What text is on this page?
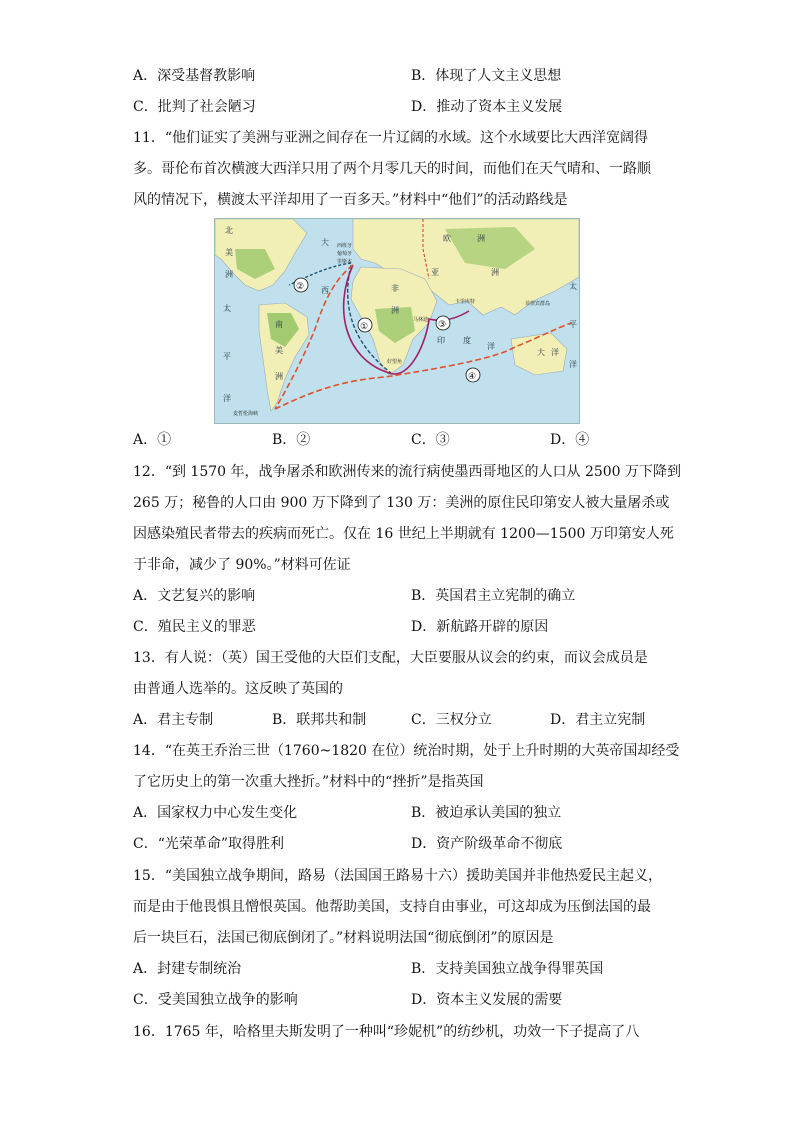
A．深受基督教影响	B．体现了人文主义思想
C．批判了社会陋习	D．推动了资本主义发展
11．“他们证实了美洲与亚洲之间存在一片辽阔的水域。这个水域要比大西洋宽阔得
多。哥伦布首次横渡大西洋只用了两个月零几天的时间，而他们在天气晴和、一路顺
风的情况下，横渡太平洋却用了一百多天。”材料中“他们”的活动路线是
北
美
洲
大
西
欧	洲
亚	洲
非
洲
南
美
洲
太
平
洋
太
平
洋
印 度
洋
大 洋
西班牙
葡萄牙
里斯本
卡里库特
马林迪
菲律宾群岛
好望角
麦哲伦海峡
①
②
③
④
A．①	B．②	C．③	D．④
12．“到 1570 年，战争屠杀和欧洲传来的流行病使墨西哥地区的人口从 2500 万下降到
265 万；秘鲁的人口由 900 万下降到了 130 万：美洲的原住民印第安人被大量屠杀或
因感染殖民者带去的疾病而死亡。仅在 16 世纪上半期就有 1200—1500 万印第安人死
于非命，减少了 90%。”材料可佐证
A．文艺复兴的影响	B．英国君主立宪制的确立
C．殖民主义的罪恶	D．新航路开辟的原因
13．有人说：（英）国王受他的大臣们支配，大臣要服从议会的约束，而议会成员是
由普通人选举的。这反映了英国的
A．君主专制	B．联邦共和制	C．三权分立	D．君主立宪制
14．“在英王乔治三世（1760~1820 在位）统治时期，处于上升时期的大英帝国却经受
了它历史上的第一次重大挫折。”材料中的“挫折”是指英国
A．国家权力中心发生变化	B．被迫承认美国的独立
C．“光荣革命”取得胜利	D．资产阶级革命不彻底
15．“美国独立战争期间，路易（法国国王路易十六）援助美国并非他热爱民主起义，
而是由于他畏惧且憎恨英国。他帮助美国，支持自由事业，可这却成为压倒法国的最
后一块巨石，法国已彻底倒闭了。”材料说明法国“彻底倒闭”的原因是
A．封建专制统治	B．支持美国独立战争得罪英国
C．受美国独立战争的影响	D．资本主义发展的需要
16．1765 年，哈格里夫斯发明了一种叫“珍妮机”的纺纱机，功效一下子提高了八
